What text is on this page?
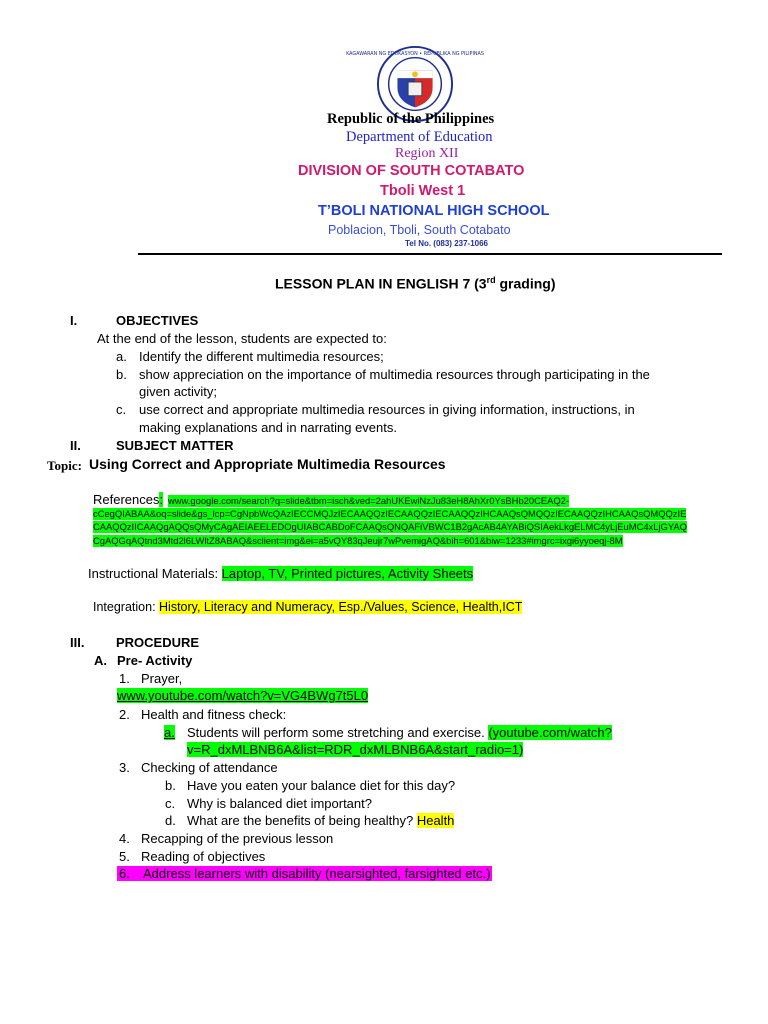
KAGAWARAN NG EDUKASYON • REPUBLIKA NG PILIPINAS
Republic of the Philippines
Department of Education
Region XII
DIVISION OF SOUTH COTABATO
Tboli West 1
T’BOLI NATIONAL HIGH SCHOOL
Poblacion, Tboli, South Cotabato
Tel No. (083) 237-1066
LESSON PLAN IN ENGLISH 7 (3rd grading)
I.	OBJECTIVES
At the end of the lesson, students are expected to:
a. Identify the different multimedia resources;
b. show appreciation on the importance of multimedia resources through participating in the
given activity;
c. use correct and appropriate multimedia resources in giving information, instructions, in
making explanations and in narrating events.
II.	SUBJECT MATTER
Topic: Using Correct and Appropriate Multimedia Resources
References: www.google.com/search?q=slide&tbm=isch&ved=2ahUKEwiNzJu83eH8AhXr0YsBHb20CEAQ2-
cCegQIABAA&oq=slide&gs_lcp=CgNpbWcQAzIECCMQJzIECAAQQzIECAAQQzIECAAQQzIHCAAQsQMQQzIECAAQQzIHCAAQsQMQQzIE
CAAQQzIICAAQgAQQsQMyCAgAEIAEELEDOgUIABCABDoFCAAQsQNQAFiVBWC1B2gAcAB4AYABiQSIAekLkgELMC4yLjEuMC4xLjGYAQ
CgAQGqAQtnd3Mtd2l6LWltZ8ABAQ&sclient=img&ei=a5vQY83qJeujr7wPvemigAQ&bih=601&biw=1233#imgrc=ixgi6yyoeqj-8M
Instructional Materials: Laptop, TV, Printed pictures, Activity Sheets
Integration: History, Literacy and Numeracy, Esp./Values, Science, Health,ICT
III. PROCEDURE
A. Pre- Activity
1. Prayer,
www.youtube.com/watch?v=VG4BWg7t5L0
2. Health and fitness check:
a. Students will perform some stretching and exercise. (youtube.com/watch?
v=R_dxMLBNB6A&list=RDR_dxMLBNB6A&start_radio=1)
3. Checking of attendance
b. Have you eaten your balance diet for this day?
c. Why is balanced diet important?
d. What are the benefits of being healthy? Health
4. Recapping of the previous lesson
5. Reading of objectives
6. Address learners with disability (nearsighted, farsighted etc.)
